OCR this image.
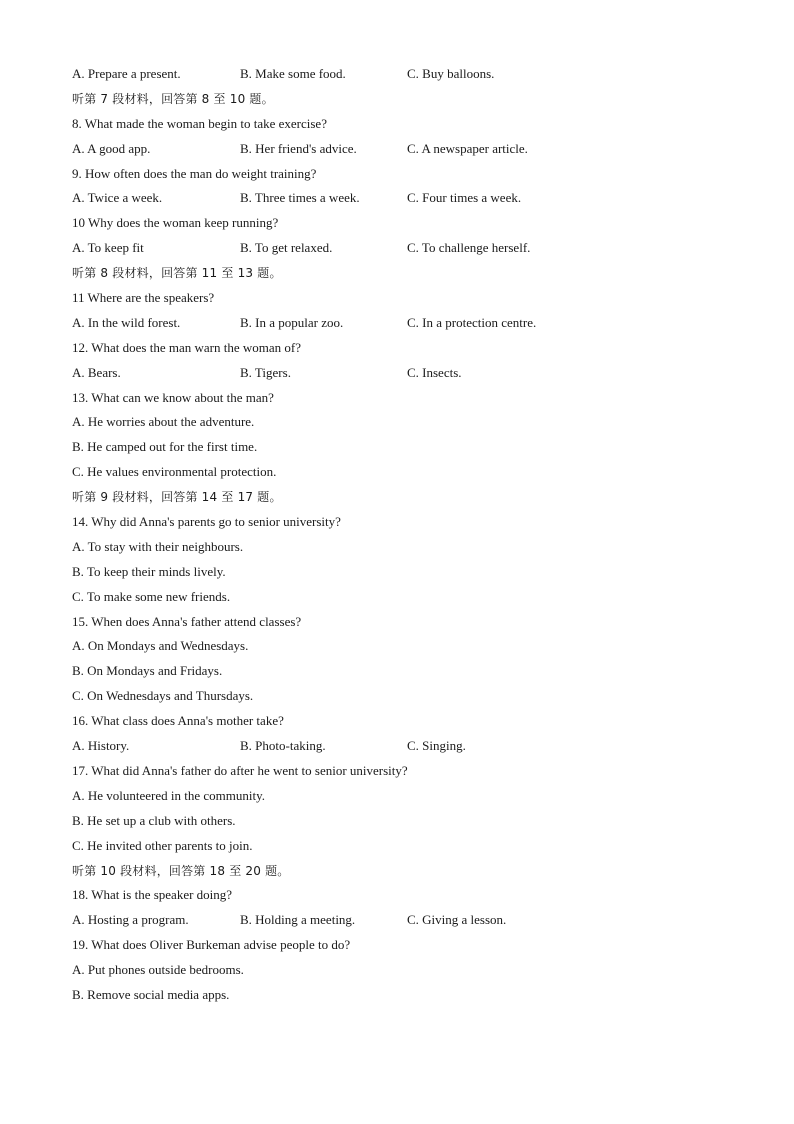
A. Prepare a present.	B. Make some food.	C. Buy balloons.
听第 7 段材料，回答第 8 至 10 题。
8. What made the woman begin to take exercise?
A. A good app.	B. Her friend's advice.	C. A newspaper article.
9. How often does the man do weight training?
A. Twice a week.	B. Three times a week.	C. Four times a week.
10 Why does the woman keep running?
A. To keep fit	B. To get relaxed.	C. To challenge herself.
听第 8 段材料，回答第 11 至 13 题。
11 Where are the speakers?
A. In the wild forest.	B. In a popular zoo.	C. In a protection centre.
12. What does the man warn the woman of?
A. Bears.	B. Tigers.	C. Insects.
13. What can we know about the man?
A. He worries about the adventure.
B. He camped out for the first time.
C. He values environmental protection.
听第 9 段材料，回答第 14 至 17 题。
14. Why did Anna's parents go to senior university?
A. To stay with their neighbours.
B. To keep their minds lively.
C. To make some new friends.
15. When does Anna's father attend classes?
A. On Mondays and Wednesdays.
B. On Mondays and Fridays.
C. On Wednesdays and Thursdays.
16. What class does Anna's mother take?
A. History.	B. Photo-taking.	C. Singing.
17. What did Anna's father do after he went to senior university?
A. He volunteered in the community.
B. He set up a club with others.
C. He invited other parents to join.
听第 10 段材料，回答第 18 至 20 题。
18. What is the speaker doing?
A. Hosting a program.	B. Holding a meeting.	C. Giving a lesson.
19. What does Oliver Burkeman advise people to do?
A. Put phones outside bedrooms.
B. Remove social media apps.
